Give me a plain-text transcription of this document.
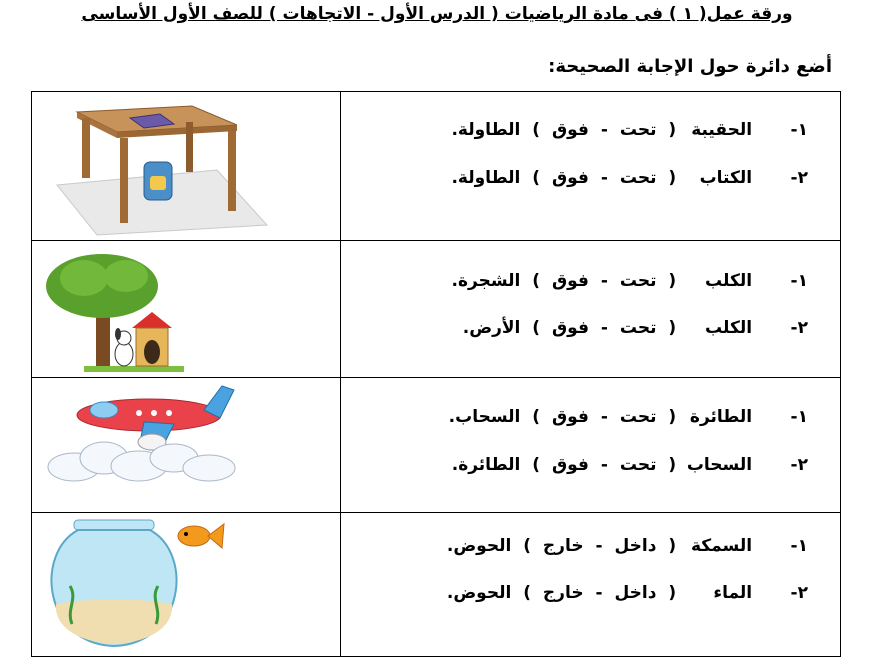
ورقة عمل( ١ ) فى مادة الرياضيات ( الدرس الأول - الاتجاهات ) للصف الأول الأساسى
أضع دائرة حول الإجابة الصحيحة:
١- الحقيبة ( تحت - فوق ) الطاولة.
٢- الكتاب ( تحت - فوق ) الطاولة.
١- الكلب ( تحت - فوق ) الشجرة.
٢- الكلب ( تحت - فوق ) الأرض.
١- الطائرة ( تحت - فوق ) السحاب.
٢- السحاب ( تحت - فوق ) الطائرة.
١- السمكة ( داخل - خارج ) الحوض.
٢- الماء ( داخل - خارج ) الحوض.
